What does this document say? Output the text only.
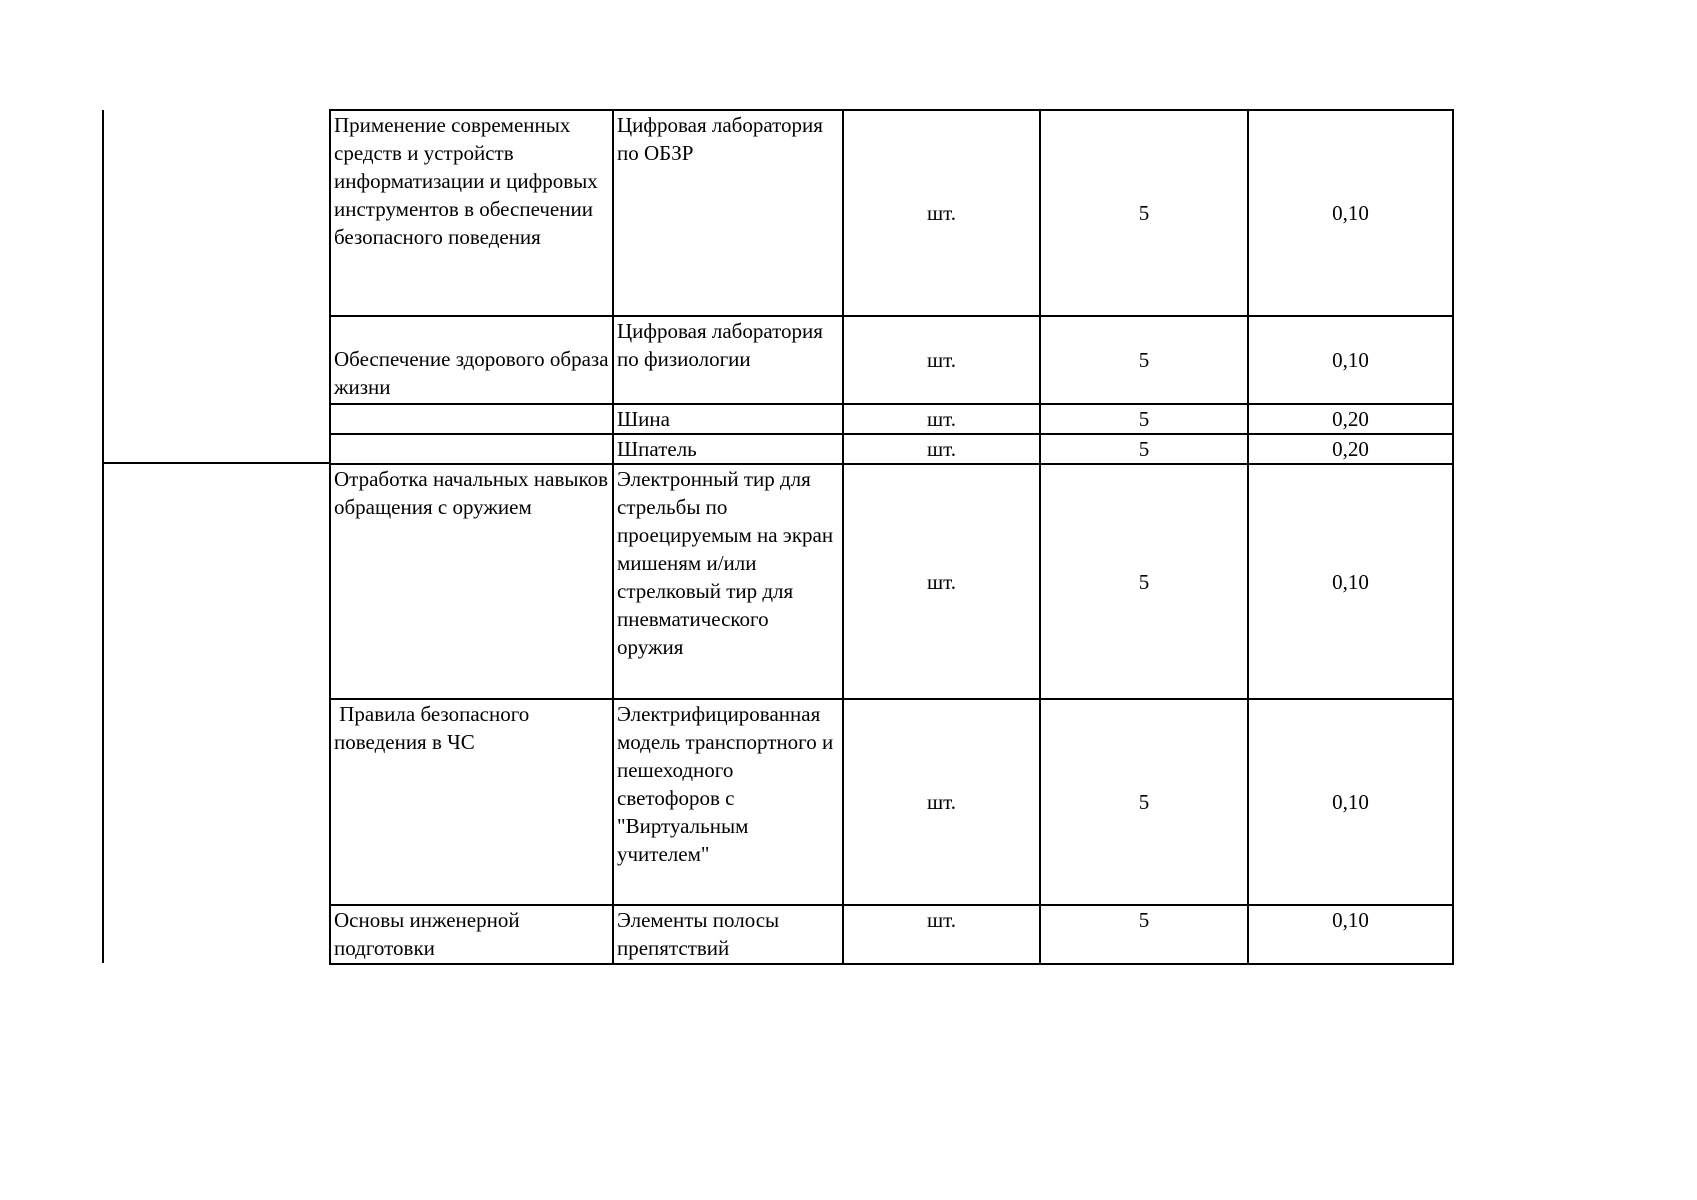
Применение современных средств и устройств информатизации и цифровых инструментов в обеспечении безопасного поведения	Цифровая лаборатория по ОБЗР	шт.	5	0,10
Обеспечение здорового образа жизни	Цифровая лаборатория по физиологии	шт.	5	0,10
	Шина	шт.	5	0,20
	Шпатель	шт.	5	0,20
Отработка начальных навыков обращения с оружием	Электронный тир для стрельбы по проецируемым на экран мишеням и/или стрелковый тир для пневматического оружия	шт.	5	0,10
Правила безопасного поведения в ЧС	Электрифицированная модель транспортного и пешеходного светофоров с "Виртуальным учителем"	шт.	5	0,10
Основы инженерной подготовки	Элементы полосы препятствий	шт.	5	0,10
